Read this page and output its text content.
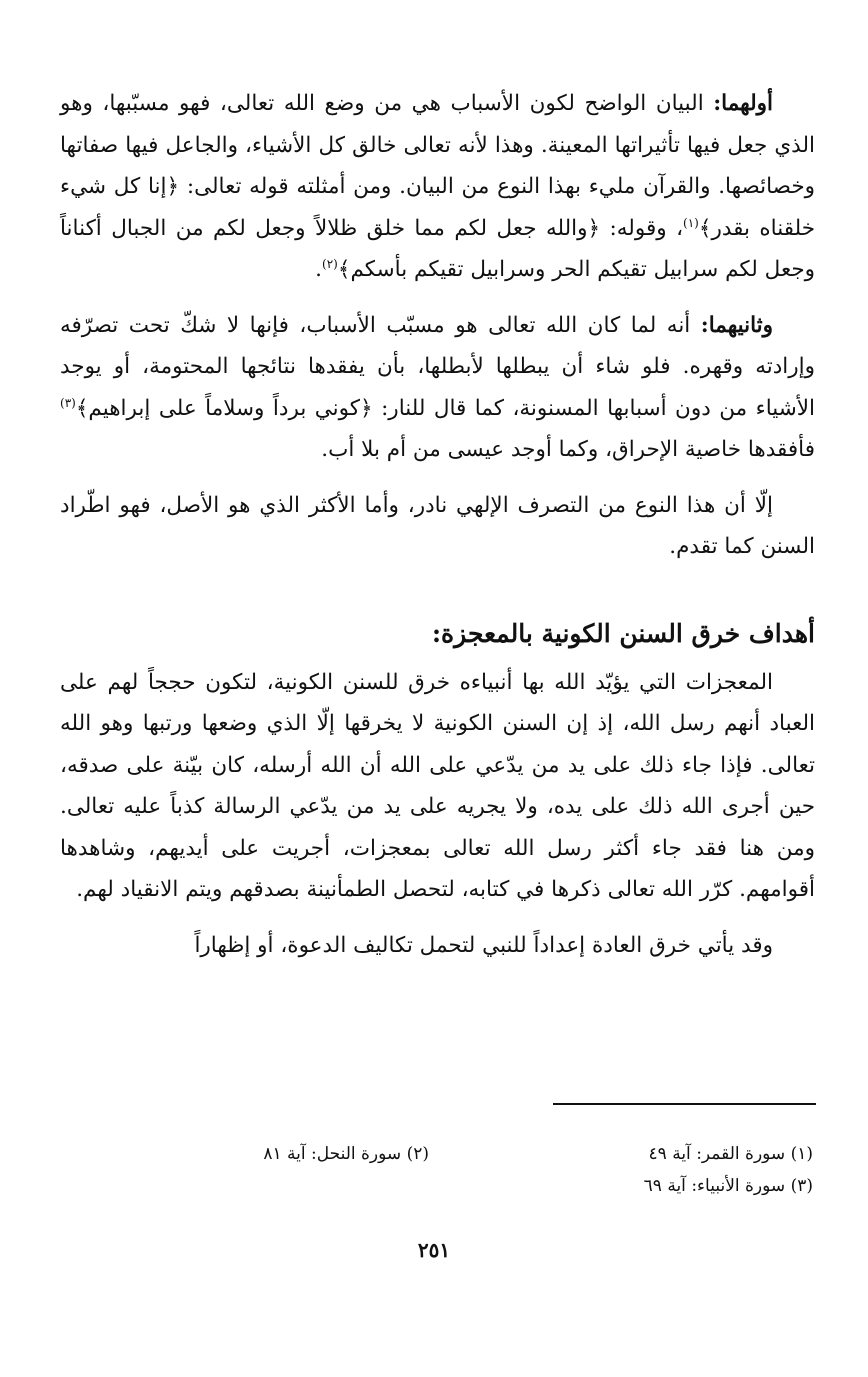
أولهما: البيان الواضح لكون الأسباب هي من وضع الله تعالى، فهو مسبّبها، وهو الذي جعل فيها تأثيراتها المعينة. وهذا لأنه تعالى خالق كل الأشياء، والجاعل فيها صفاتها وخصائصها. والقرآن مليء بهذا النوع من البيان. ومن أمثلته قوله تعالى: ﴿إنا كل شيء خلقناه بقدر﴾$^{(١)}$، وقوله: ﴿والله جعل لكم مما خلق ظلالاً وجعل لكم من الجبال أكناناً وجعل لكم سرابيل تقيكم الحر وسرابيل تقيكم بأسكم﴾$^{(٢)}$.

وثانيهما: أنه لما كان الله تعالى هو مسبّب الأسباب، فإنها لا شكّ تحت تصرّفه وإرادته وقهره. فلو شاء أن يبطلها لأبطلها، بأن يفقدها نتائجها المحتومة، أو يوجد الأشياء من دون أسبابها المسنونة، كما قال للنار: ﴿كوني برداً وسلاماً على إبراهيم﴾$^{(٣)}$ فأفقدها خاصية الإحراق، وكما أوجد عيسى من أم بلا أب.

إلّا أن هذا النوع من التصرف الإلهي نادر، وأما الأكثر الذي هو الأصل، فهو اطّراد السنن كما تقدم.

أهداف خرق السنن الكونية بالمعجزة:

المعجزات التي يؤيّد الله بها أنبياءه خرق للسنن الكونية، لتكون حججاً لهم على العباد أنهم رسل الله، إذ إن السنن الكونية لا يخرقها إلّا الذي وضعها ورتبها وهو الله تعالى. فإذا جاء ذلك على يد من يدّعي على الله أن الله أرسله، كان بيّنة على صدقه، حين أجرى الله ذلك على يده، ولا يجريه على يد من يدّعي الرسالة كذباً عليه تعالى. ومن هنا فقد جاء أكثر رسل الله تعالى بمعجزات، أجريت على أيديهم، وشاهدها أقوامهم. كرّر الله تعالى ذكرها في كتابه، لتحصل الطمأنينة بصدقهم ويتم الانقياد لهم.

وقد يأتي خرق العادة إعداداً للنبي لتحمل تكاليف الدعوة، أو إظهاراً

(١) سورة القمر: آية ٤٩
(٢) سورة النحل: آية ٨١
(٣) سورة الأنبياء: آية ٦٩
٢٥١
